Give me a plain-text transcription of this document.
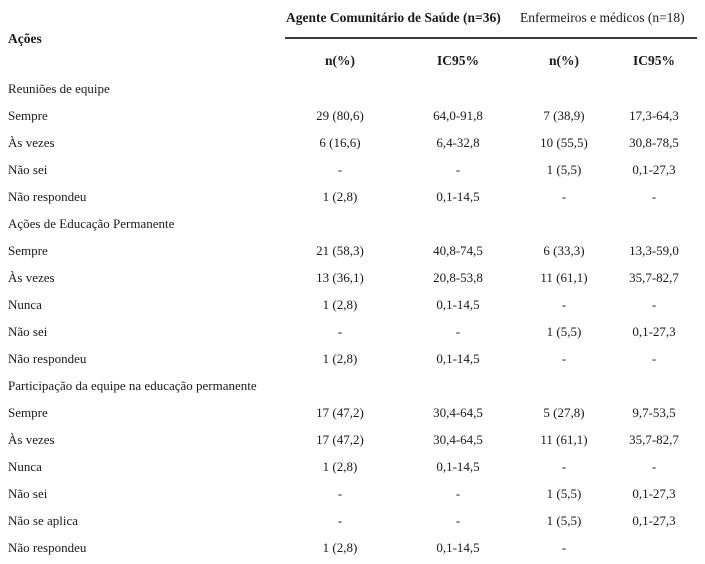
Ações
Agente Comunitário de Saúde (n=36) Enfermeiros e médicos (n=18)
n(%)	IC95%	n(%)	IC95%
Reuniões de equipe
Sempre	29 (80,6)	64,0-91,8	7 (38,9)	17,3-64,3
Às vezes	6 (16,6)	6,4-32,8	10 (55,5)	30,8-78,5
Não sei	-	-	1 (5,5)	0,1-27,3
Não respondeu	1 (2,8)	0,1-14,5	-	-
Ações de Educação Permanente
Sempre	21 (58,3)	40,8-74,5	6 (33,3)	13,3-59,0
Às vezes	13 (36,1)	20,8-53,8	11 (61,1)	35,7-82,7
Nunca	1 (2,8)	0,1-14,5	-	-
Não sei	-	-	1 (5,5)	0,1-27,3
Não respondeu	1 (2,8)	0,1-14,5	-	-
Participação da equipe na educação permanente
Sempre	17 (47,2)	30,4-64,5	5 (27,8)	9,7-53,5
Às vezes	17 (47,2)	30,4-64,5	11 (61,1)	35,7-82,7
Nunca	1 (2,8)	0,1-14,5	-	-
Não sei	-	-	1 (5,5)	0,1-27,3
Não se aplica	-	-	1 (5,5)	0,1-27,3
Não respondeu	1 (2,8)	0,1-14,5	-
